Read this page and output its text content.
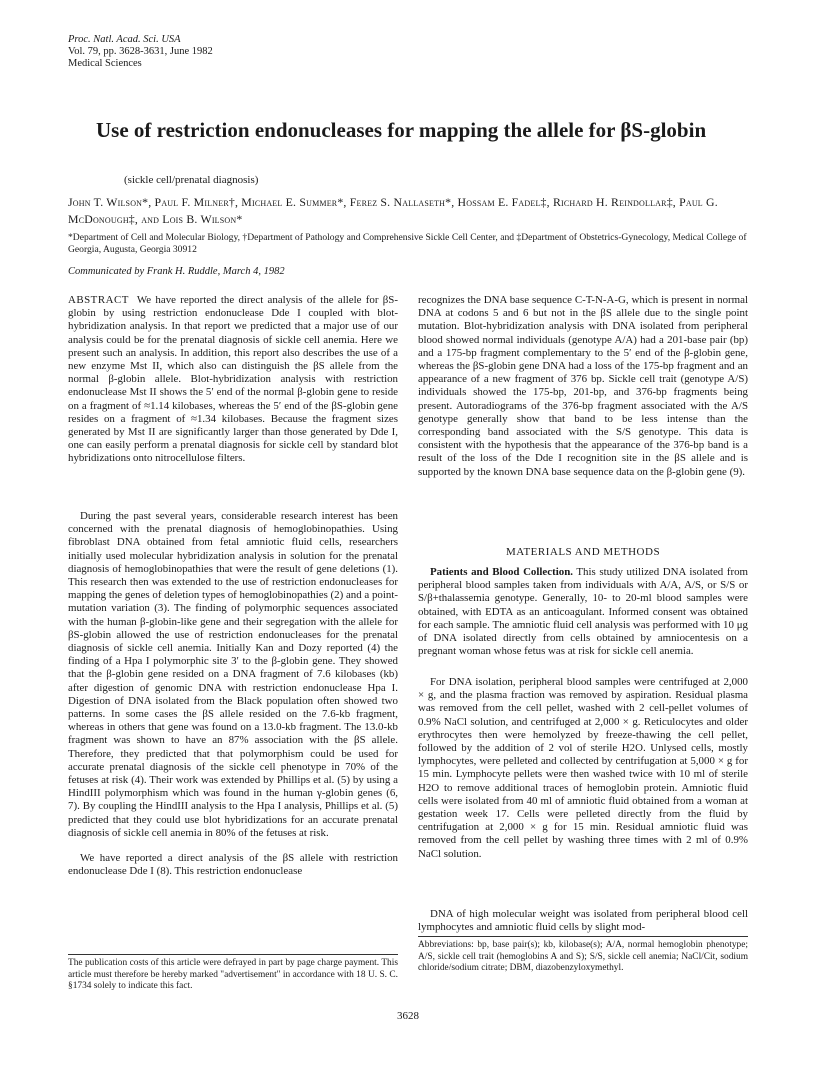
Proc. Natl. Acad. Sci. USA
Vol. 79, pp. 3628-3631, June 1982
Medical Sciences
Use of restriction endonucleases for mapping the allele for βS-globin
(sickle cell/prenatal diagnosis)
John T. Wilson*, Paul F. Milner†, Michael E. Summer*, Ferez S. Nallaseth*, Hossam E. Fadel‡, Richard H. Reindollar‡, Paul G. McDonough‡, and Lois B. Wilson*
*Department of Cell and Molecular Biology, †Department of Pathology and Comprehensive Sickle Cell Center, and ‡Department of Obstetrics-Gynecology, Medical College of Georgia, Augusta, Georgia 30912
Communicated by Frank H. Ruddle, March 4, 1982
ABSTRACT We have reported the direct analysis of the allele for βS-globin by using restriction endonuclease Dde I coupled with blot-hybridization analysis. In that report we predicted that a major use of our analysis could be for the prenatal diagnosis of sickle cell anemia. Here we present such an analysis. In addition, this report also describes the use of a new enzyme Mst II, which also can distinguish the βS allele from the normal β-globin allele. Blot-hybridization analysis with restriction endonuclease Mst II shows the 5′ end of the normal β-globin gene to reside on a fragment of ≈1.14 kilobases, whereas the 5′ end of the βS-globin gene resides on a fragment of ≈1.34 kilobases. Because the fragment sizes generated by Mst II are significantly larger than those generated by Dde I, one can easily perform a prenatal diagnosis for sickle cell by standard blot hybridizations onto nitrocellulose filters.

During the past several years, considerable research interest has been concerned with the prenatal diagnosis of hemoglobinopathies. Using fibroblast DNA obtained from fetal amniotic fluid cells, researchers initially used molecular hybridization analysis in solution for the prenatal diagnosis of hemoglobinopathies that were the result of gene deletions (1). This research then was extended to the use of restriction endonucleases for mapping the genes of deletion types of hemoglobinopathies (2) and a point-mutation variation (3). The finding of polymorphic sequences associated with the human β-globin-like gene and their segregation with the allele for βS-globin allowed the use of restriction endonucleases for the prenatal diagnosis of sickle cell anemia. Initially Kan and Dozy reported (4) the finding of a Hpa I polymorphic site 3′ to the β-globin gene. They showed that the β-globin gene resided on a DNA fragment of 7.6 kilobases (kb) after digestion of genomic DNA with restriction endonuclease Hpa I. Digestion of DNA isolated from the Black population often showed two patterns. In some cases the βS allele resided on the 7.6-kb fragment, whereas in others that gene was found on a 13.0-kb fragment. The 13.0-kb fragment was shown to have an 87% association with the βS allele. Therefore, they predicted that that polymorphism could be used for accurate prenatal diagnosis of the sickle cell phenotype in 70% of the fetuses at risk (4). Their work was extended by Phillips et al. (5) by using a HindIII polymorphism which was found in the human γ-globin genes (6, 7). By coupling the HindIII analysis to the Hpa I analysis, Phillips et al. (5) predicted that they could use blot hybridizations for an accurate prenatal diagnosis of sickle cell anemia in 80% of the fetuses at risk.

We have reported a direct analysis of the βS allele with restriction endonuclease Dde I (8). This restriction endonuclease

The publication costs of this article were defrayed in part by page charge payment. This article must therefore be hereby marked "advertisement" in accordance with 18 U. S. C. §1734 solely to indicate this fact.

recognizes the DNA base sequence C-T-N-A-G, which is present in normal DNA at codons 5 and 6 but not in the βS allele due to the single point mutation. Blot-hybridization analysis with DNA isolated from peripheral blood showed normal individuals (genotype A/A) had a 201-base pair (bp) and a 175-bp fragment complementary to the 5′ end of the β-globin gene, whereas the βS-globin gene DNA had a loss of the 175-bp fragment and an appearance of a new fragment of 376 bp. Sickle cell trait (genotype A/S) individuals showed the 175-bp, 201-bp, and 376-bp fragments being present. Autoradiograms of the 376-bp fragment associated with the A/S genotype generally show that band to be less intense than the corresponding band associated with the S/S genotype. This data is consistent with the hypothesis that the appearance of the 376-bp band is a result of the loss of the Dde I recognition site in the βS allele and is supported by the known DNA base sequence data on the β-globin gene (9).

MATERIALS AND METHODS

Patients and Blood Collection. This study utilized DNA isolated from peripheral blood samples taken from individuals with A/A, A/S, or S/S or S/β+thalassemia genotype. Generally, 10- to 20-ml blood samples were obtained, with EDTA as an anticoagulant. Informed consent was obtained for each sample. The amniotic fluid cell analysis was performed with 10 μg of DNA isolated directly from cells obtained by amniocentesis on a pregnant woman whose fetus was at risk for sickle cell anemia.

For DNA isolation, peripheral blood samples were centrifuged at 2,000 × g, and the plasma fraction was removed by aspiration. Residual plasma was removed from the cell pellet, washed with 2 cell-pellet volumes of 0.9% NaCl solution, and centrifuged at 2,000 × g. Reticulocytes and older erythrocytes then were hemolyzed by freeze-thawing the cell pellet, followed by the addition of 2 vol of sterile H2O. Unlysed cells, mostly lymphocytes, were pelleted and collected by centrifugation at 5,000 × g for 15 min. Lymphocyte pellets were then washed twice with 10 ml of sterile H2O to remove additional traces of hemoglobin protein. Amniotic fluid cells were isolated from 40 ml of amniotic fluid obtained from a woman at gestation week 17. Cells were pelleted directly from the fluid by centrifugation at 2,000 × g for 15 min. Residual amniotic fluid was removed from the cell pellet by washing three times with 2 ml of 0.9% NaCl solution.

DNA of high molecular weight was isolated from peripheral blood cell lymphocytes and amniotic fluid cells by slight mod-

Abbreviations: bp, base pair(s); kb, kilobase(s); A/A, normal hemoglobin phenotype; A/S, sickle cell trait (hemoglobins A and S); S/S, sickle cell anemia; NaCl/Cit, sodium chloride/sodium citrate; DBM, diazobenzyloxymethyl.
3628
